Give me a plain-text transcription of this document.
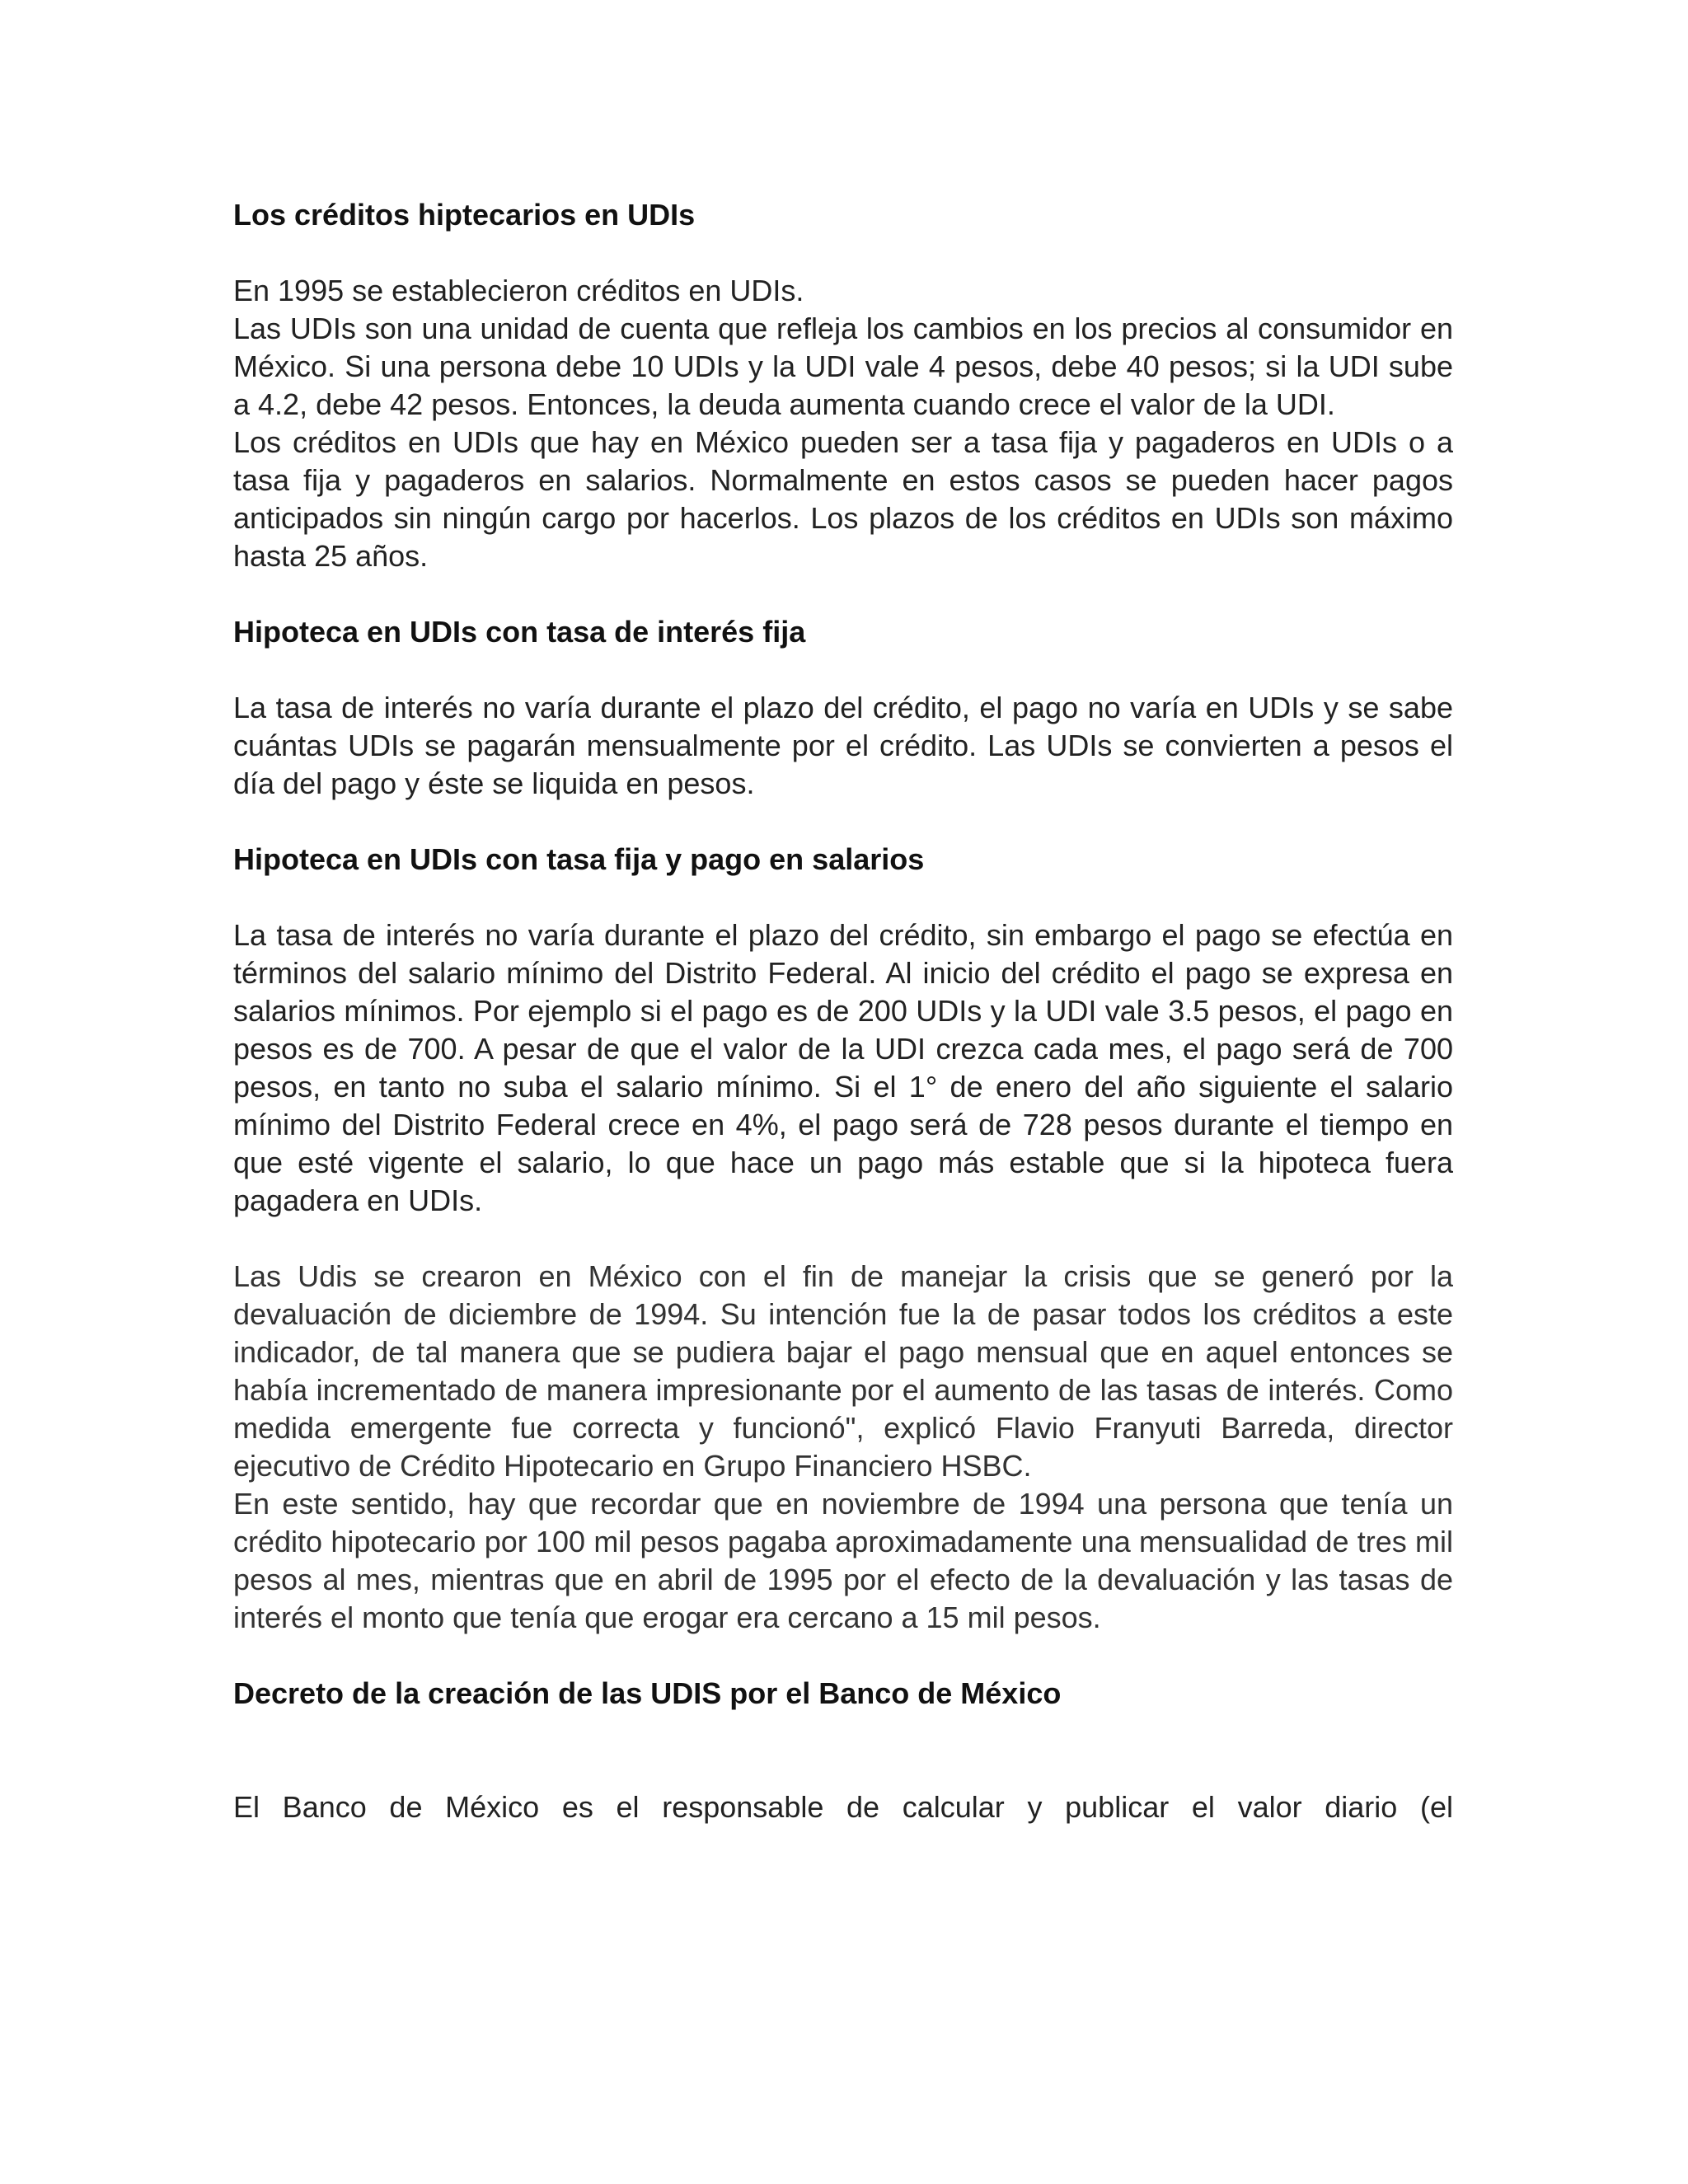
Los créditos hiptecarios en UDIs

En 1995 se establecieron créditos en UDIs.

Las UDIs son una unidad de cuenta que refleja los cambios en los precios al consumidor en México. Si una persona debe 10 UDIs y la UDI vale 4 pesos, debe 40 pesos; si la UDI sube a 4.2, debe 42 pesos. Entonces, la deuda aumenta cuando crece el valor de la UDI.

Los créditos en UDIs que hay en México pueden ser a tasa fija y pagaderos en UDIs o a tasa fija y pagaderos en salarios. Normalmente en estos casos se pueden hacer pagos anticipados sin ningún cargo por hacerlos. Los plazos de los créditos en UDIs son máximo hasta 25 años.

Hipoteca en UDIs con tasa de interés fija

La tasa de interés no varía durante el plazo del crédito, el pago no varía en UDIs y se sabe cuántas UDIs se pagarán mensualmente por el crédito. Las UDIs se convierten a pesos el día del pago y éste se liquida en pesos.

Hipoteca en UDIs con tasa fija y pago en salarios

La tasa de interés no varía durante el plazo del crédito, sin embargo el pago se efectúa en términos del salario mínimo del Distrito Federal. Al inicio del crédito el pago se expresa en salarios mínimos. Por ejemplo si el pago es de 200 UDIs y la UDI vale 3.5 pesos, el pago en pesos es de 700. A pesar de que el valor de la UDI crezca cada mes, el pago será de 700 pesos, en tanto no suba el salario mínimo. Si el 1° de enero del año siguiente el salario mínimo del Distrito Federal crece en 4%, el pago será de 728 pesos durante el tiempo en que esté vigente el salario, lo que hace un pago más estable que si la hipoteca fuera pagadera en UDIs.

Las Udis se crearon en México con el fin de manejar la crisis que se generó por la devaluación de diciembre de 1994. Su intención fue la de pasar todos los créditos a este indicador, de tal manera que se pudiera bajar el pago mensual que en aquel entonces se había incrementado de manera impresionante por el aumento de las tasas de interés. Como medida emergente fue correcta y funcionó", explicó Flavio Franyuti Barreda, director ejecutivo de Crédito Hipotecario en Grupo Financiero HSBC.

En este sentido, hay que recordar que en noviembre de 1994 una persona que tenía un crédito hipotecario por 100 mil pesos pagaba aproximadamente una mensualidad de tres mil pesos al mes, mientras que en abril de 1995 por el efecto de la devaluación y las tasas de interés el monto que tenía que erogar era cercano a 15 mil pesos.

Decreto de la creación de las UDIS por el Banco de México

El Banco de México es el responsable de calcular y publicar el valor diario (el
